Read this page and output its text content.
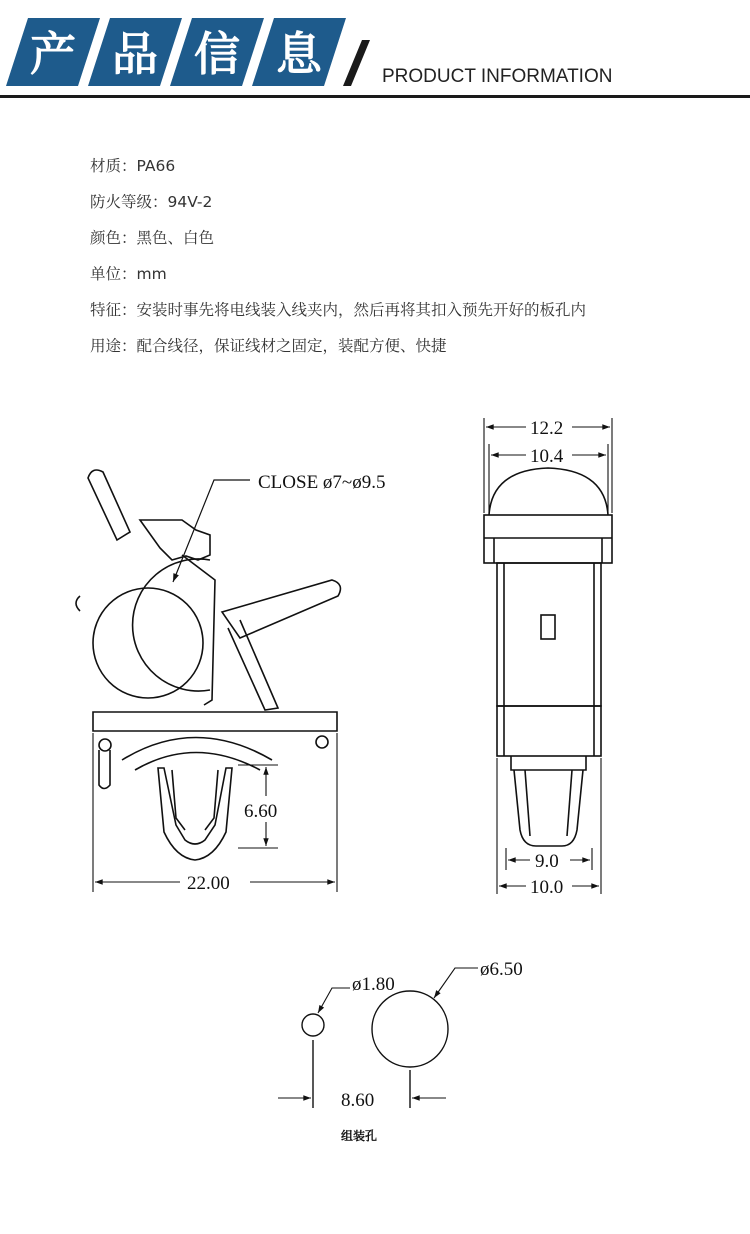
产 品 信 息	PRODUCT INFORMATION
材质：PA66
防火等级：94V-2
颜色：黑色、白色
单位：mm
特征：安装时事先将电线装入线夹内，然后再将其扣入预先开好的板孔内
用途：配合线径，保证线材之固定，装配方便、快捷
CLOSE ø7~ø9.5
6.60
22.00
12.2
10.4
9.0
10.0
ø1.80
ø6.50
8.60
组装孔
